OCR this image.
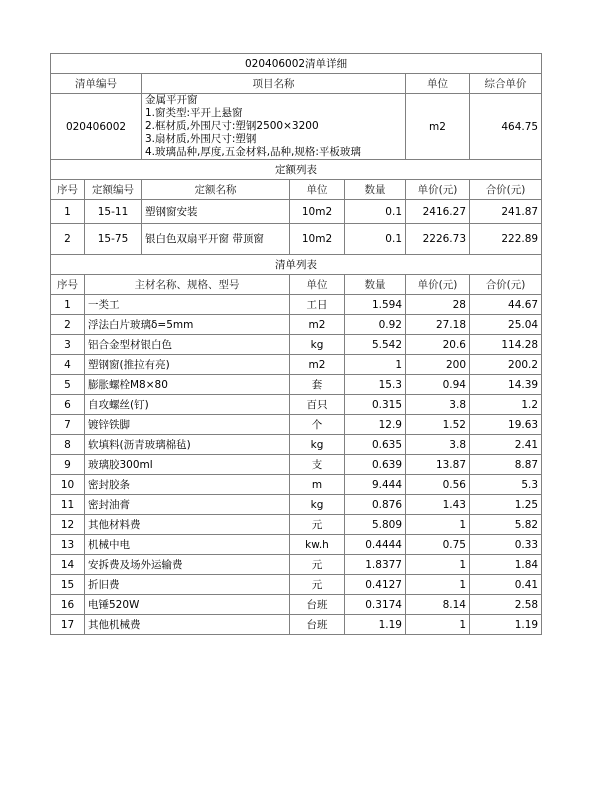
020406002清单详细						
清单编号		项目名称			单位	综合单价
020406002		金属平开窗
1.窗类型:平开上悬窗
2.框材质,外围尺寸:塑钢2500×3200
3.扇材质,外围尺寸:塑钢
4.玻璃品种,厚度,五金材料,品种,规格:平板玻璃			m2	464.75
定额列表						
序号	定额编号	定额名称	单位	数量	单价(元)	合价(元)
1	15-11	塑钢窗安装	10m2	0.1	2416.27	241.87
2	15-75	银白色双扇平开窗 带顶窗	10m2	0.1	2226.73	222.89
清单列表						
序号	主材名称、规格、型号		单位	数量	单价(元)	合价(元)
1	一类工		工日	1.594	28	44.67
2	浮法白片玻璃δ=5mm		m2	0.92	27.18	25.04
3	铝合金型材银白色		kg	5.542	20.6	114.28
4	塑钢窗(推拉有亮)		m2	1	200	200.2
5	膨胀螺栓M8×80		套	15.3	0.94	14.39
6	自攻螺丝(钉)		百只	0.315	3.8	1.2
7	镀锌铁脚		个	12.9	1.52	19.63
8	软填料(沥青玻璃棉毡)		kg	0.635	3.8	2.41
9	玻璃胶300ml		支	0.639	13.87	8.87
10	密封胶条		m	9.444	0.56	5.3
11	密封油膏		kg	0.876	1.43	1.25
12	其他材料费		元	5.809	1	5.82
13	机械中电		kw.h	0.4444	0.75	0.33
14	安拆费及场外运输费		元	1.8377	1	1.84
15	折旧费		元	0.4127	1	0.41
16	电锤520W		台班	0.3174	8.14	2.58
17	其他机械费		台班	1.19	1	1.19
